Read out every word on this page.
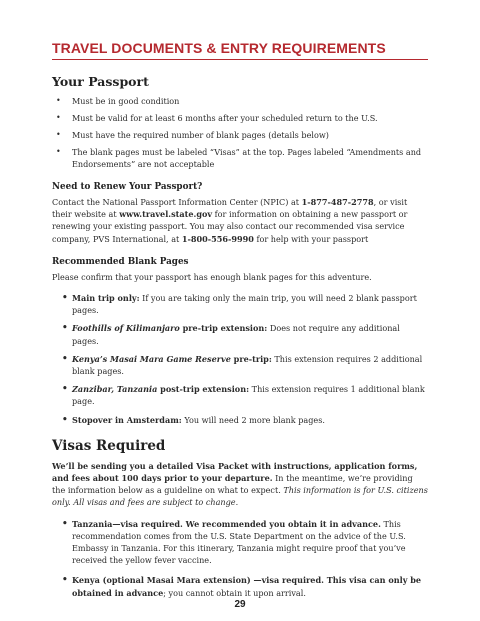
TRAVEL DOCUMENTS & ENTRY REQUIREMENTS
Your Passport
• Must be in good condition
• Must be valid for at least 6 months after your scheduled return to the U.S.
• Must have the required number of blank pages (details below)
• The blank pages must be labeled “Visas” at the top. Pages labeled “Amendments and Endorsements” are not acceptable
Need to Renew Your Passport?

Contact the National Passport Information Center (NPIC) at 1-877-487-2778, or visit their website at www.travel.state.gov for information on obtaining a new passport or renewing your existing passport. You may also contact our recommended visa service company, PVS International, at 1-800-556-9990 for help with your passport

Recommended Blank Pages

Please confirm that your passport has enough blank pages for this adventure.

• Main trip only: If you are taking only the main trip, you will need 2 blank passport pages.
• Foothills of Kilimanjaro pre-trip extension: Does not require any additional pages.
• Kenya’s Masai Mara Game Reserve pre-trip: This extension requires 2 additional blank pages.
• Zanzibar, Tanzania post-trip extension: This extension requires 1 additional blank page.
• Stopover in Amsterdam: You will need 2 more blank pages.
Visas Required

We’ll be sending you a detailed Visa Packet with instructions, application forms, and fees about 100 days prior to your departure. In the meantime, we’re providing the information below as a guideline on what to expect. This information is for U.S. citizens only. All visas and fees are subject to change.

• Tanzania—visa required. We recommended you obtain it in advance. This recommendation comes from the U.S. State Department on the advice of the U.S. Embassy in Tanzania. For this itinerary, Tanzania might require proof that you’ve received the yellow fever vaccine.
• Kenya (optional Masai Mara extension) —visa required. This visa can only be obtained in advance; you cannot obtain it upon arrival.
29
